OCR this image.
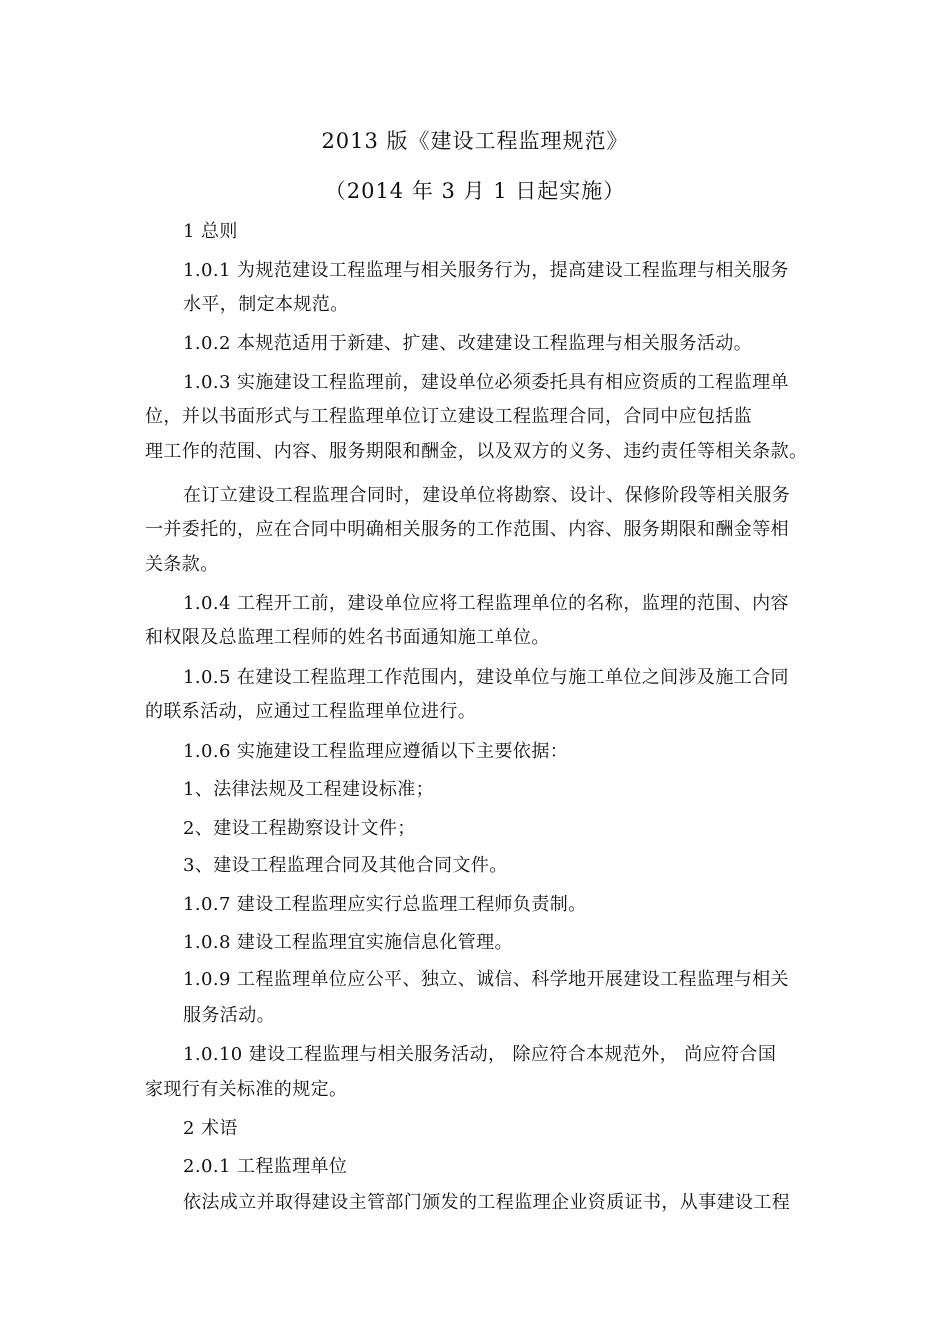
2013 版《建设工程监理规范》
（2014 年 3 月 1 日起实施）
1 总则
1.0.1 为规范建设工程监理与相关服务行为，提高建设工程监理与相关服务
水平，制定本规范。
1.0.2 本规范适用于新建、扩建、改建建设工程监理与相关服务活动。
1.0.3 实施建设工程监理前，建设单位必须委托具有相应资质的工程监理单
位，并以书面形式与工程监理单位订立建设工程监理合同，合同中应包括监
理工作的范围、内容、服务期限和酬金，以及双方的义务、违约责任等相关条款。
在订立建设工程监理合同时，建设单位将勘察、设计、保修阶段等相关服务
一并委托的，应在合同中明确相关服务的工作范围、内容、服务期限和酬金等相
关条款。
1.0.4 工程开工前，建设单位应将工程监理单位的名称，监理的范围、内容
和权限及总监理工程师的姓名书面通知施工单位。
1.0.5 在建设工程监理工作范围内，建设单位与施工单位之间涉及施工合同
的联系活动，应通过工程监理单位进行。
1.0.6 实施建设工程监理应遵循以下主要依据：
1、法律法规及工程建设标准；
2、建设工程勘察设计文件；
3、建设工程监理合同及其他合同文件。
1.0.7 建设工程监理应实行总监理工程师负责制。
1.0.8 建设工程监理宜实施信息化管理。
1.0.9 工程监理单位应公平、独立、诚信、科学地开展建设工程监理与相关
服务活动。
1.0.10 建设工程监理与相关服务活动， 除应符合本规范外， 尚应符合国
家现行有关标准的规定。
2 术语
2.0.1 工程监理单位
依法成立并取得建设主管部门颁发的工程监理企业资质证书，从事建设工程
